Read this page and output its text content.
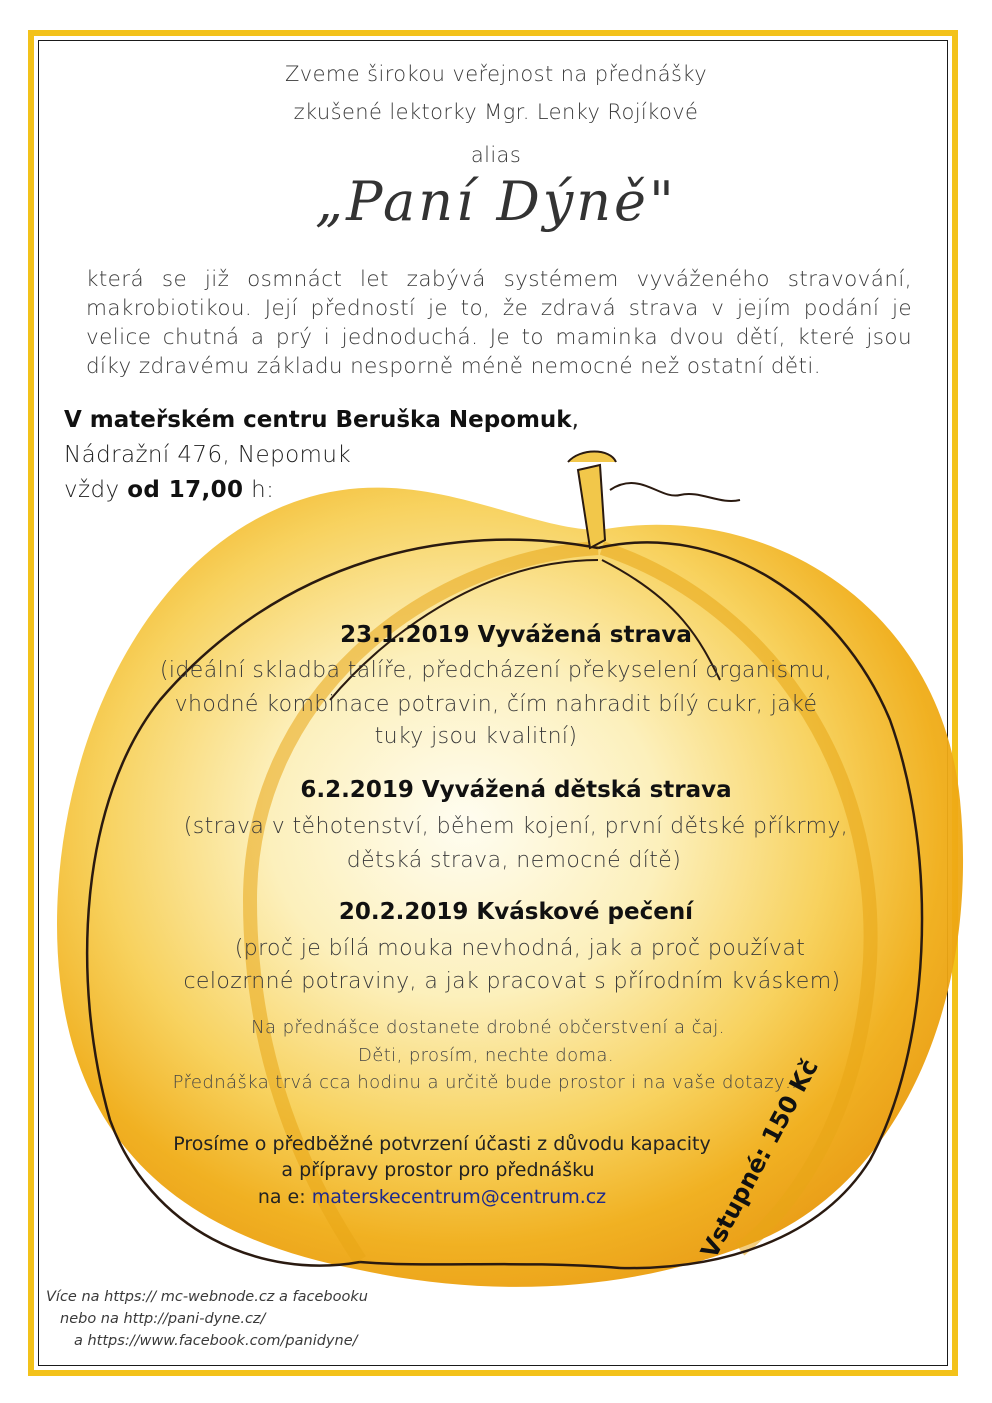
Zveme širokou veřejnost na přednášky

zkušené lektorky Mgr. Lenky Rojíkové

alias

„Paní Dýně"

která se již osmnáct let zabývá systémem vyváženého stravování, makrobiotikou. Její předností je to, že zdravá strava v jejím podání je velice chutná a prý i jednoduchá. Je to maminka dvou dětí, které jsou díky zdravému základu nesporně méně nemocné než ostatní děti.

V mateřském centru Beruška Nepomuk,

Nádražní 476, Nepomuk

vždy od 17,00 h:

23.1.2019 Vyvážená strava

(ideální skladba talíře, předcházení překyselení organismu,

vhodné kombinace potravin, čím nahradit bílý cukr, jaké

tuky jsou kvalitní)

6.2.2019 Vyvážená dětská strava

(strava v těhotenství, během kojení, první dětské příkrmy,

dětská strava, nemocné dítě)

20.2.2019 Kváskové pečení

(proč je bílá mouka nevhodná, jak a proč používat

celozrnné potraviny, a jak pracovat s přírodním kváskem)

Na přednášce dostanete drobné občerstvení a čaj.

Děti, prosím, nechte doma.

Přednáška trvá cca hodinu a určitě bude prostor i na vaše dotazy…

Prosíme o předběžné potvrzení účasti z důvodu kapacity

a přípravy prostor pro přednášku

na e: materskecentrum@centrum.cz

Více na https:// mc-webnode.cz a facebooku

nebo na http://pani-dyne.cz/

a https://www.facebook.com/panidyne/

Vstupné: 150 Kč
